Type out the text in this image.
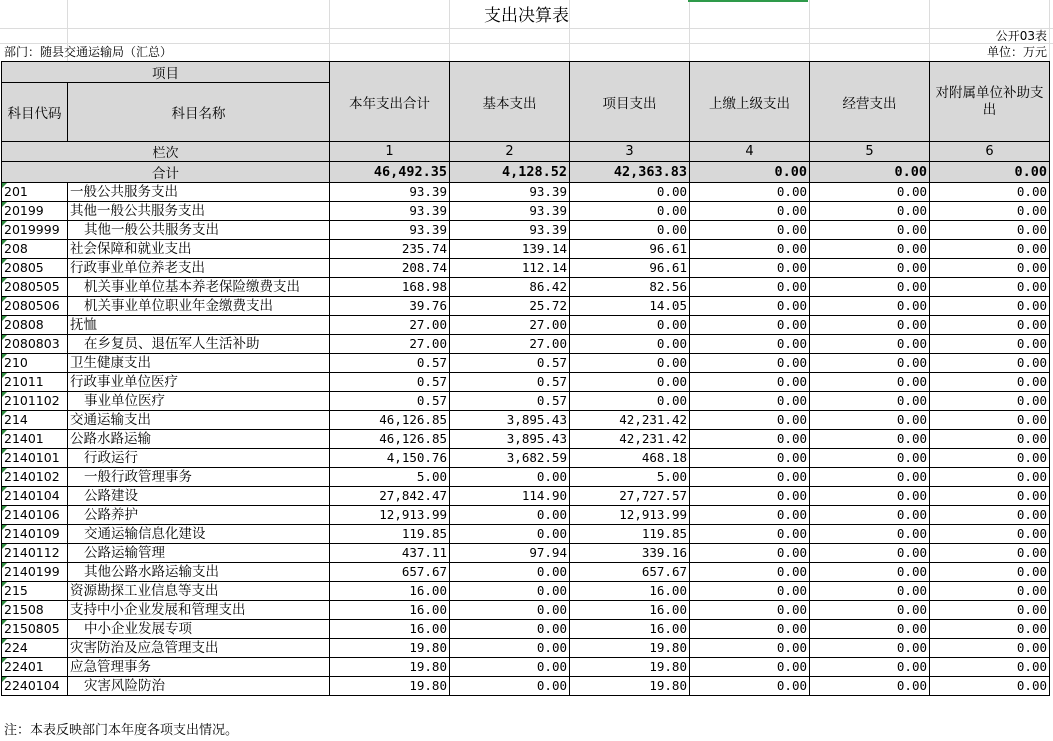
支出决算表
公开03表
部门：随县交通运输局（汇总）	单位：万元
项目		本年支出合计	基本支出	项目支出	上缴上级支出	经营支出	对附属单位补助支出
科目代码	科目名称						
栏次		1	2	3	4	5	6
合计		46,492.35	4,128.52	42,363.83	0.00	0.00	0.00

201	一般公共服务支出	93.39	93.39	0.00	0.00	0.00	0.00

20199	其他一般公共服务支出	93.39	93.39	0.00	0.00	0.00	0.00

2019999	其他一般公共服务支出	93.39	93.39	0.00	0.00	0.00	0.00

208	社会保障和就业支出	235.74	139.14	96.61	0.00	0.00	0.00

20805	行政事业单位养老支出	208.74	112.14	96.61	0.00	0.00	0.00

2080505	机关事业单位基本养老保险缴费支出	168.98	86.42	82.56	0.00	0.00	0.00

2080506	机关事业单位职业年金缴费支出	39.76	25.72	14.05	0.00	0.00	0.00

20808	抚恤	27.00	27.00	0.00	0.00	0.00	0.00

2080803	在乡复员、退伍军人生活补助	27.00	27.00	0.00	0.00	0.00	0.00

210	卫生健康支出	0.57	0.57	0.00	0.00	0.00	0.00

21011	行政事业单位医疗	0.57	0.57	0.00	0.00	0.00	0.00

2101102	事业单位医疗	0.57	0.57	0.00	0.00	0.00	0.00

214	交通运输支出	46,126.85	3,895.43	42,231.42	0.00	0.00	0.00

21401	公路水路运输	46,126.85	3,895.43	42,231.42	0.00	0.00	0.00

2140101	行政运行	4,150.76	3,682.59	468.18	0.00	0.00	0.00

2140102	一般行政管理事务	5.00	0.00	5.00	0.00	0.00	0.00

2140104	公路建设	27,842.47	114.90	27,727.57	0.00	0.00	0.00

2140106	公路养护	12,913.99	0.00	12,913.99	0.00	0.00	0.00

2140109	交通运输信息化建设	119.85	0.00	119.85	0.00	0.00	0.00

2140112	公路运输管理	437.11	97.94	339.16	0.00	0.00	0.00

2140199	其他公路水路运输支出	657.67	0.00	657.67	0.00	0.00	0.00

215	资源勘探工业信息等支出	16.00	0.00	16.00	0.00	0.00	0.00

21508	支持中小企业发展和管理支出	16.00	0.00	16.00	0.00	0.00	0.00

2150805	中小企业发展专项	16.00	0.00	16.00	0.00	0.00	0.00

224	灾害防治及应急管理支出	19.80	0.00	19.80	0.00	0.00	0.00

22401	应急管理事务	19.80	0.00	19.80	0.00	0.00	0.00

2240104	灾害风险防治	19.80	0.00	19.80	0.00	0.00	0.00
注：本表反映部门本年度各项支出情况。
